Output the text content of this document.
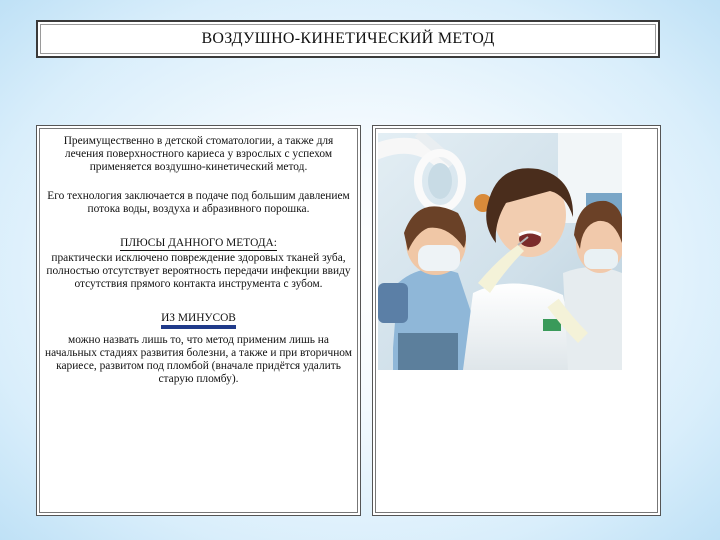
ВОЗДУШНО-КИНЕТИЧЕСКИЙ МЕТОД

Преимущественно в детской стоматологии, а также для лечения поверхностного кариеса у взрослых с успехом применяется воздушно-кинетический метод.

Его технология заключается в подаче под большим давлением потока воды, воздуха и абразивного порошка.

ПЛЮСЫ ДАННОГО МЕТОДА:

практически исключено повреждение здоровых тканей зуба, полностью отсутствует вероятность передачи инфекции ввиду отсутствия прямого контакта инструмента с зубом.

ИЗ МИНУСОВ

можно назвать лишь то, что метод применим лишь на начальных стадиях развития болезни, а также и при вторичном кариесе, развитом под пломбой (вначале придётся удалить старую пломбу).
